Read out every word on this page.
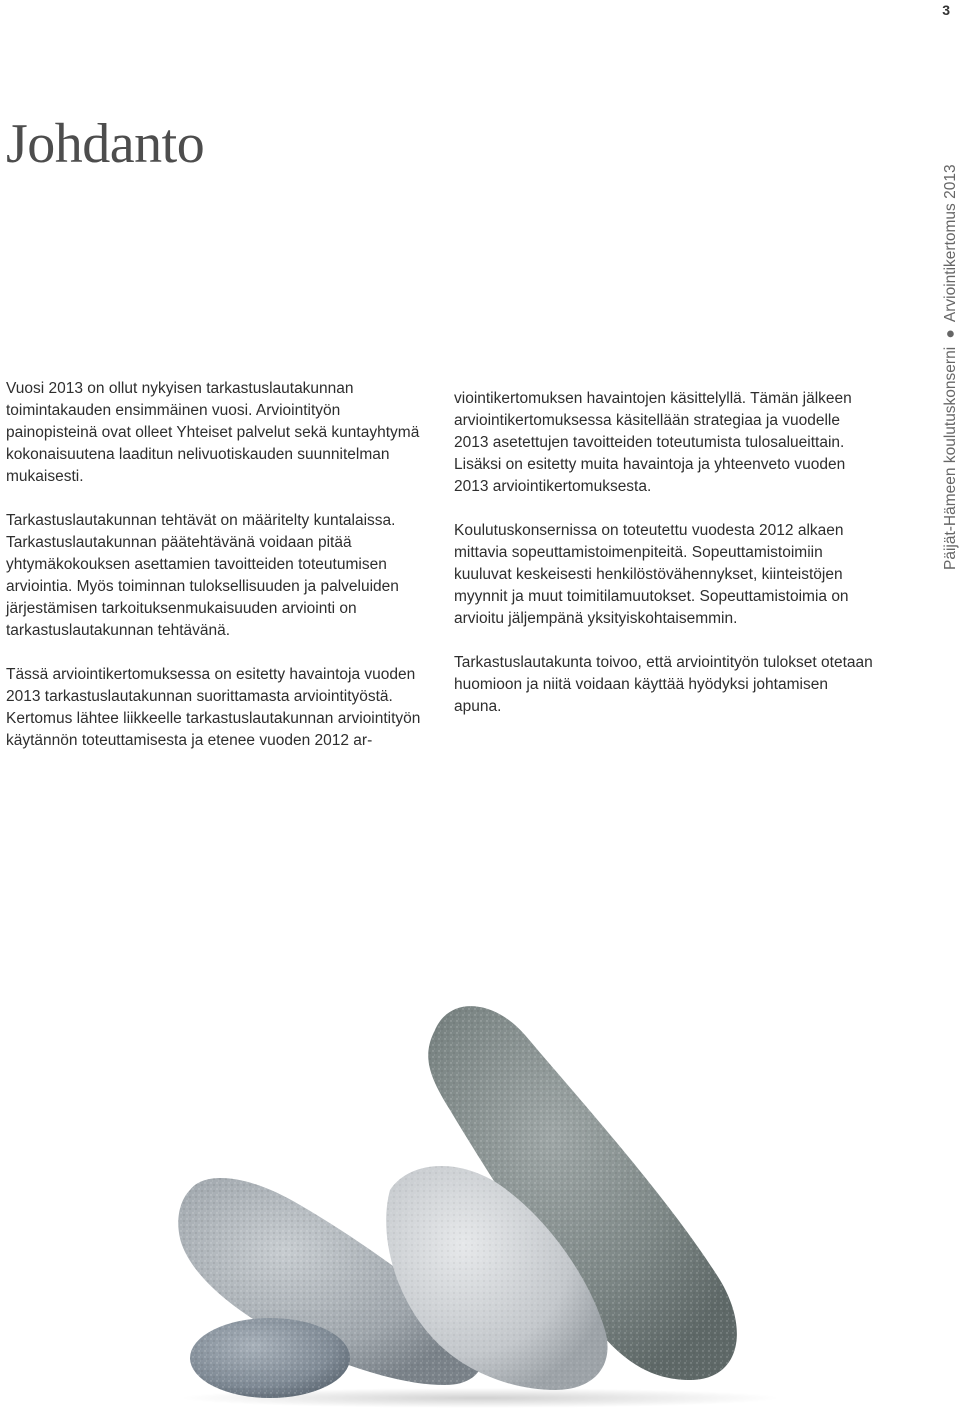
3
Johdanto
Päijät-Hämeen koulutuskonserni ● Arviointikertomus 2013

Vuosi 2013 on ollut nykyisen tarkastuslautakunnan toimintakauden ensimmäinen vuosi. Arviointityön painopisteinä ovat olleet Yhteiset palvelut sekä kuntayhtymä kokonaisuutena laaditun nelivuotiskauden suunnitelman mukaisesti.

Tarkastuslautakunnan tehtävät on määritelty kuntalaissa. Tarkastuslautakunnan päätehtävänä voidaan pitää yhtymäkokouksen asettamien tavoitteiden toteutumisen arviointia. Myös toiminnan tuloksellisuuden ja palveluiden järjestämisen tarkoituksenmukaisuuden arviointi on tarkastuslautakunnan tehtävänä.

Tässä arviointikertomuksessa on esitetty havaintoja vuoden 2013 tarkastuslautakunnan suorittamasta arviointityöstä. Kertomus lähtee liikkeelle tarkastuslautakunnan arviointityön käytännön toteuttamisesta ja etenee vuoden 2012 ar-

viointikertomuksen havaintojen käsittelyllä. Tämän jälkeen arviointikertomuksessa käsitellään strategiaa ja vuodelle 2013 asetettujen tavoitteiden toteutumista tulosalueittain. Lisäksi on esitetty muita havaintoja ja yhteenveto vuoden 2013 arviointikertomuksesta.

Koulutuskonsernissa on toteutettu vuodesta 2012 alkaen mittavia sopeuttamistoimenpiteitä. Sopeuttamistoimiin kuuluvat keskeisesti henkilöstövähennykset, kiinteistöjen myynnit ja muut toimitilamuutokset. Sopeuttamistoimia on arvioitu jäljempänä yksityiskohtaisemmin.

Tarkastuslautakunta toivoo, että arviointityön tulokset otetaan huomioon ja niitä voidaan käyttää hyödyksi johtamisen apuna.
